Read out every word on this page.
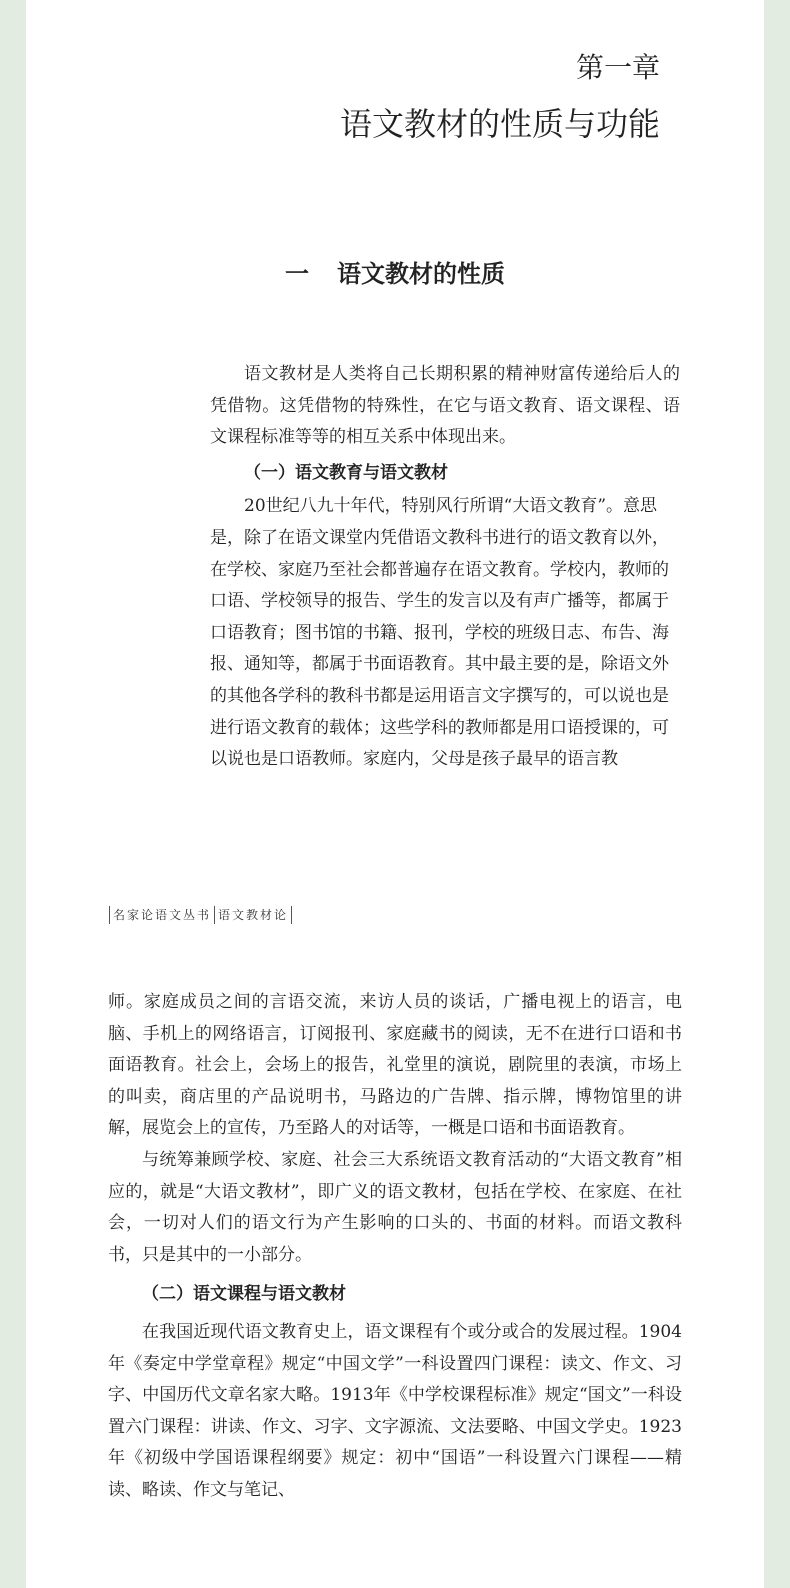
第一章
语文教材的性质与功能
一 语文教材的性质

语文教材是人类将自己长期积累的精神财富传递给后人的凭借物。这凭借物的特殊性，在它与语文教育、语文课程、语文课程标准等等的相互关系中体现出来。

（一）语文教育与语文教材

20世纪八九十年代，特别风行所谓“大语文教育”。意思是，除了在语文课堂内凭借语文教科书进行的语文教育以外，在学校、家庭乃至社会都普遍存在语文教育。学校内，教师的口语、学校领导的报告、学生的发言以及有声广播等，都属于口语教育；图书馆的书籍、报刊，学校的班级日志、布告、海报、通知等，都属于书面语教育。其中最主要的是，除语文外的其他各学科的教科书都是运用语言文字撰写的，可以说也是进行语文教育的载体；这些学科的教师都是用口语授课的，可以说也是口语教师。家庭内，父母是孩子最早的语言教

名家论语文丛书 语文教材论

师。家庭成员之间的言语交流，来访人员的谈话，广播电视上的语言，电脑、手机上的网络语言，订阅报刊、家庭藏书的阅读，无不在进行口语和书面语教育。社会上，会场上的报告，礼堂里的演说，剧院里的表演，市场上的叫卖，商店里的产品说明书，马路边的广告牌、指示牌，博物馆里的讲解，展览会上的宣传，乃至路人的对话等，一概是口语和书面语教育。

与统筹兼顾学校、家庭、社会三大系统语文教育活动的“大语文教育”相应的，就是“大语文教材”，即广义的语文教材，包括在学校、在家庭、在社会，一切对人们的语文行为产生影响的口头的、书面的材料。而语文教科书，只是其中的一小部分。

（二）语文课程与语文教材

在我国近现代语文教育史上，语文课程有个或分或合的发展过程。1904年《奏定中学堂章程》规定“中国文学”一科设置四门课程：读文、作文、习字、中国历代文章名家大略。1913年《中学校课程标准》规定“国文”一科设置六门课程：讲读、作文、习字、文字源流、文法要略、中国文学史。1923年《初级中学国语课程纲要》规定：初中“国语”一科设置六门课程——精读、略读、作文与笔记、
